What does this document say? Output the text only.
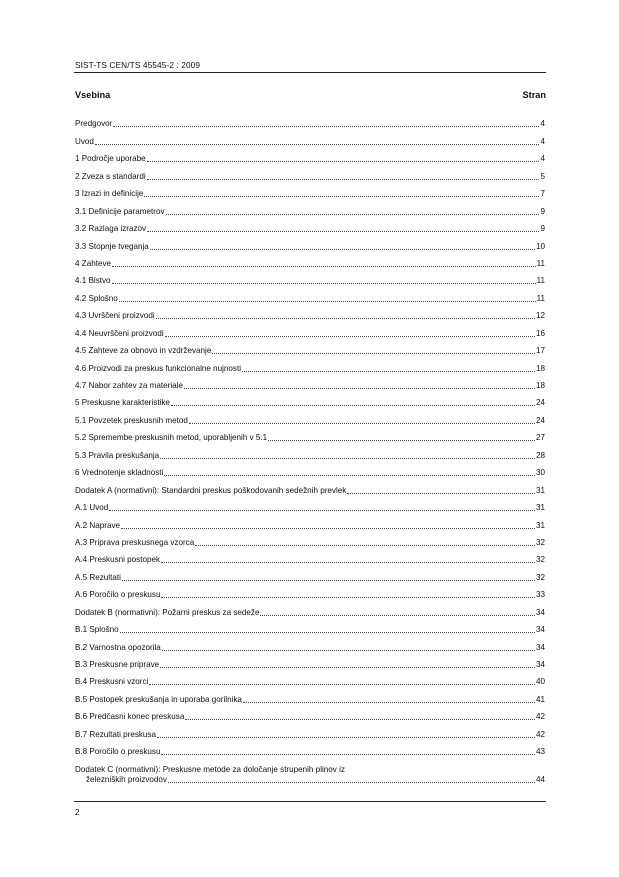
SIST-TS CEN/TS 45545-2 : 2009
Vsebina	Stran
Predgovor	4
Uvod	4
1 Področje uporabe	4
2 Zveza s standardi	5
3 Izrazi in definicije	7
3.1 Definicije parametrov	9
3.2 Razlaga izrazov	9
3.3 Stopnje tveganja	10
4 Zahteve	11
4.1 Bistvo	11
4.2 Splošno	11
4.3 Uvrščeni proizvodi	12
4.4 Neuvrščeni proizvodi	16
4.5 Zahteve za obnovo in vzdrževanje	17
4.6 Proizvodi za preskus funkcionalne nujnosti	18
4.7 Nabor zahtev za materiale	18
5 Preskusne karakteristike	24
5.1 Povzetek preskusnih metod	24
5.2 Spremembe preskusnih metod, uporabljenih v 5.1	27
5.3 Pravila preskušanja	28
6 Vrednotenje skladnosti	30
Dodatek A (normativni): Standardni preskus poškodovanih sedežnih prevlek	31
A.1 Uvod	31
A.2 Naprave	31
A.3 Priprava preskusnega vzorca	32
A.4 Preskusni postopek	32
A.5 Rezultati	32
A.6 Poročilo o preskusu	33
Dodatek B (normativni): Požarni preskus za sedeže	34
B.1 Splošno	34
B.2 Varnostna opozorila	34
B.3 Preskusne priprave	34
B.4 Preskusni vzorci	40
B.5 Postopek preskušanja in uporaba gorilnika	41
B.6 Predčasni konec preskusa	42
B.7 Rezultati preskusa	42
B.8 Poročilo o preskusu	43
Dodatek C (normativni): Preskusne metode za določanje strupenih plinov iz
železniških proizvodov	44
2
